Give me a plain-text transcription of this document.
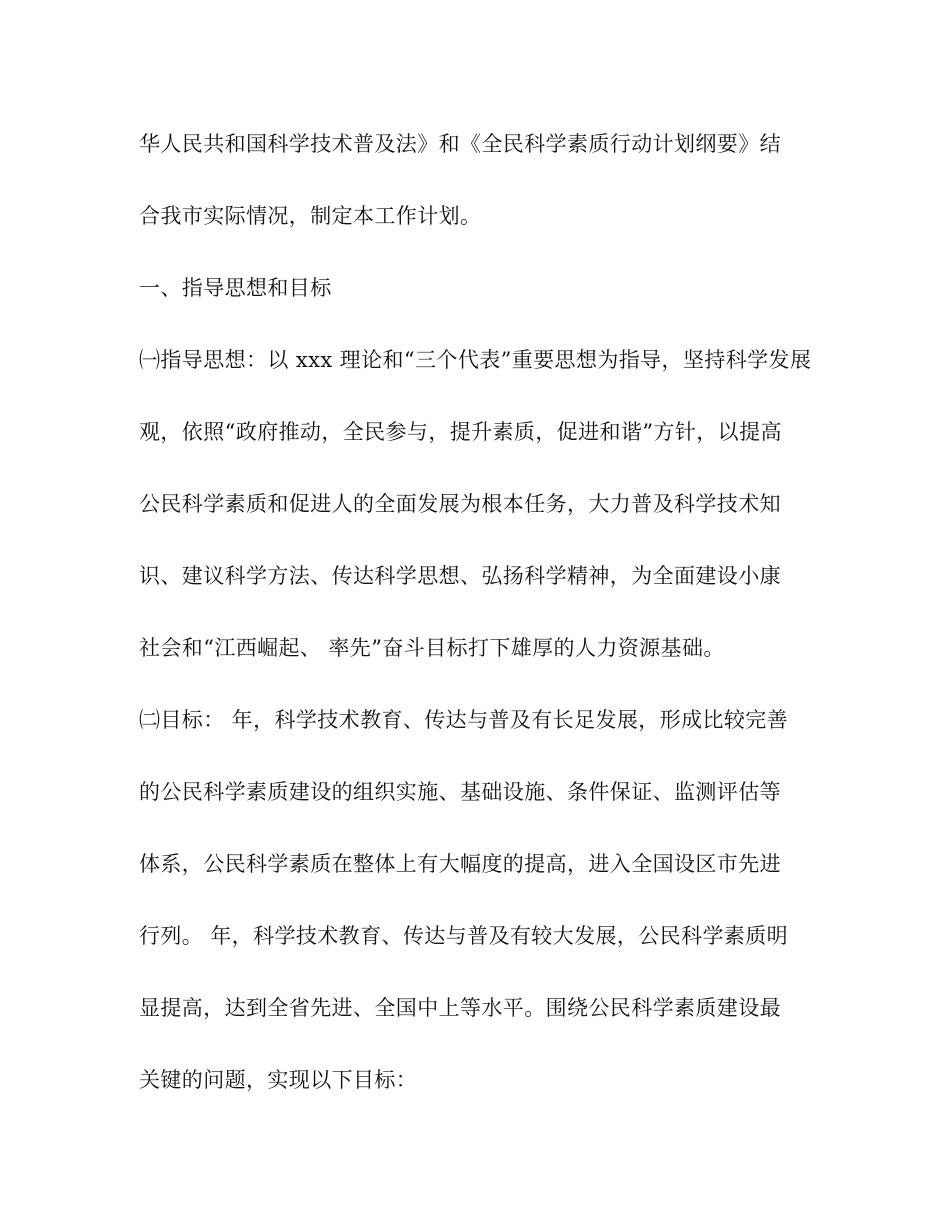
华人民共和国科学技术普及法》和《全民科学素质行动计划纲要》结
合我市实际情况，制定本工作计划。
一、指导思想和目标
㈠指导思想：以 xxx 理论和“三个代表”重要思想为指导，坚持科学发展
观，依照“政府推动，全民参与，提升素质，促进和谐”方针，以提高
公民科学素质和促进人的全面发展为根本任务，大力普及科学技术知
识、建议科学方法、传达科学思想、弘扬科学精神，为全面建设小康
社会和“江西崛起、 率先”奋斗目标打下雄厚的人力资源基础。
㈡目标： 年，科学技术教育、传达与普及有长足发展，形成比较完善
的公民科学素质建设的组织实施、基础设施、条件保证、监测评估等
体系，公民科学素质在整体上有大幅度的提高，进入全国设区市先进
行列。 年，科学技术教育、传达与普及有较大发展，公民科学素质明
显提高，达到全省先进、全国中上等水平。围绕公民科学素质建设最
关键的问题，实现以下目标：
